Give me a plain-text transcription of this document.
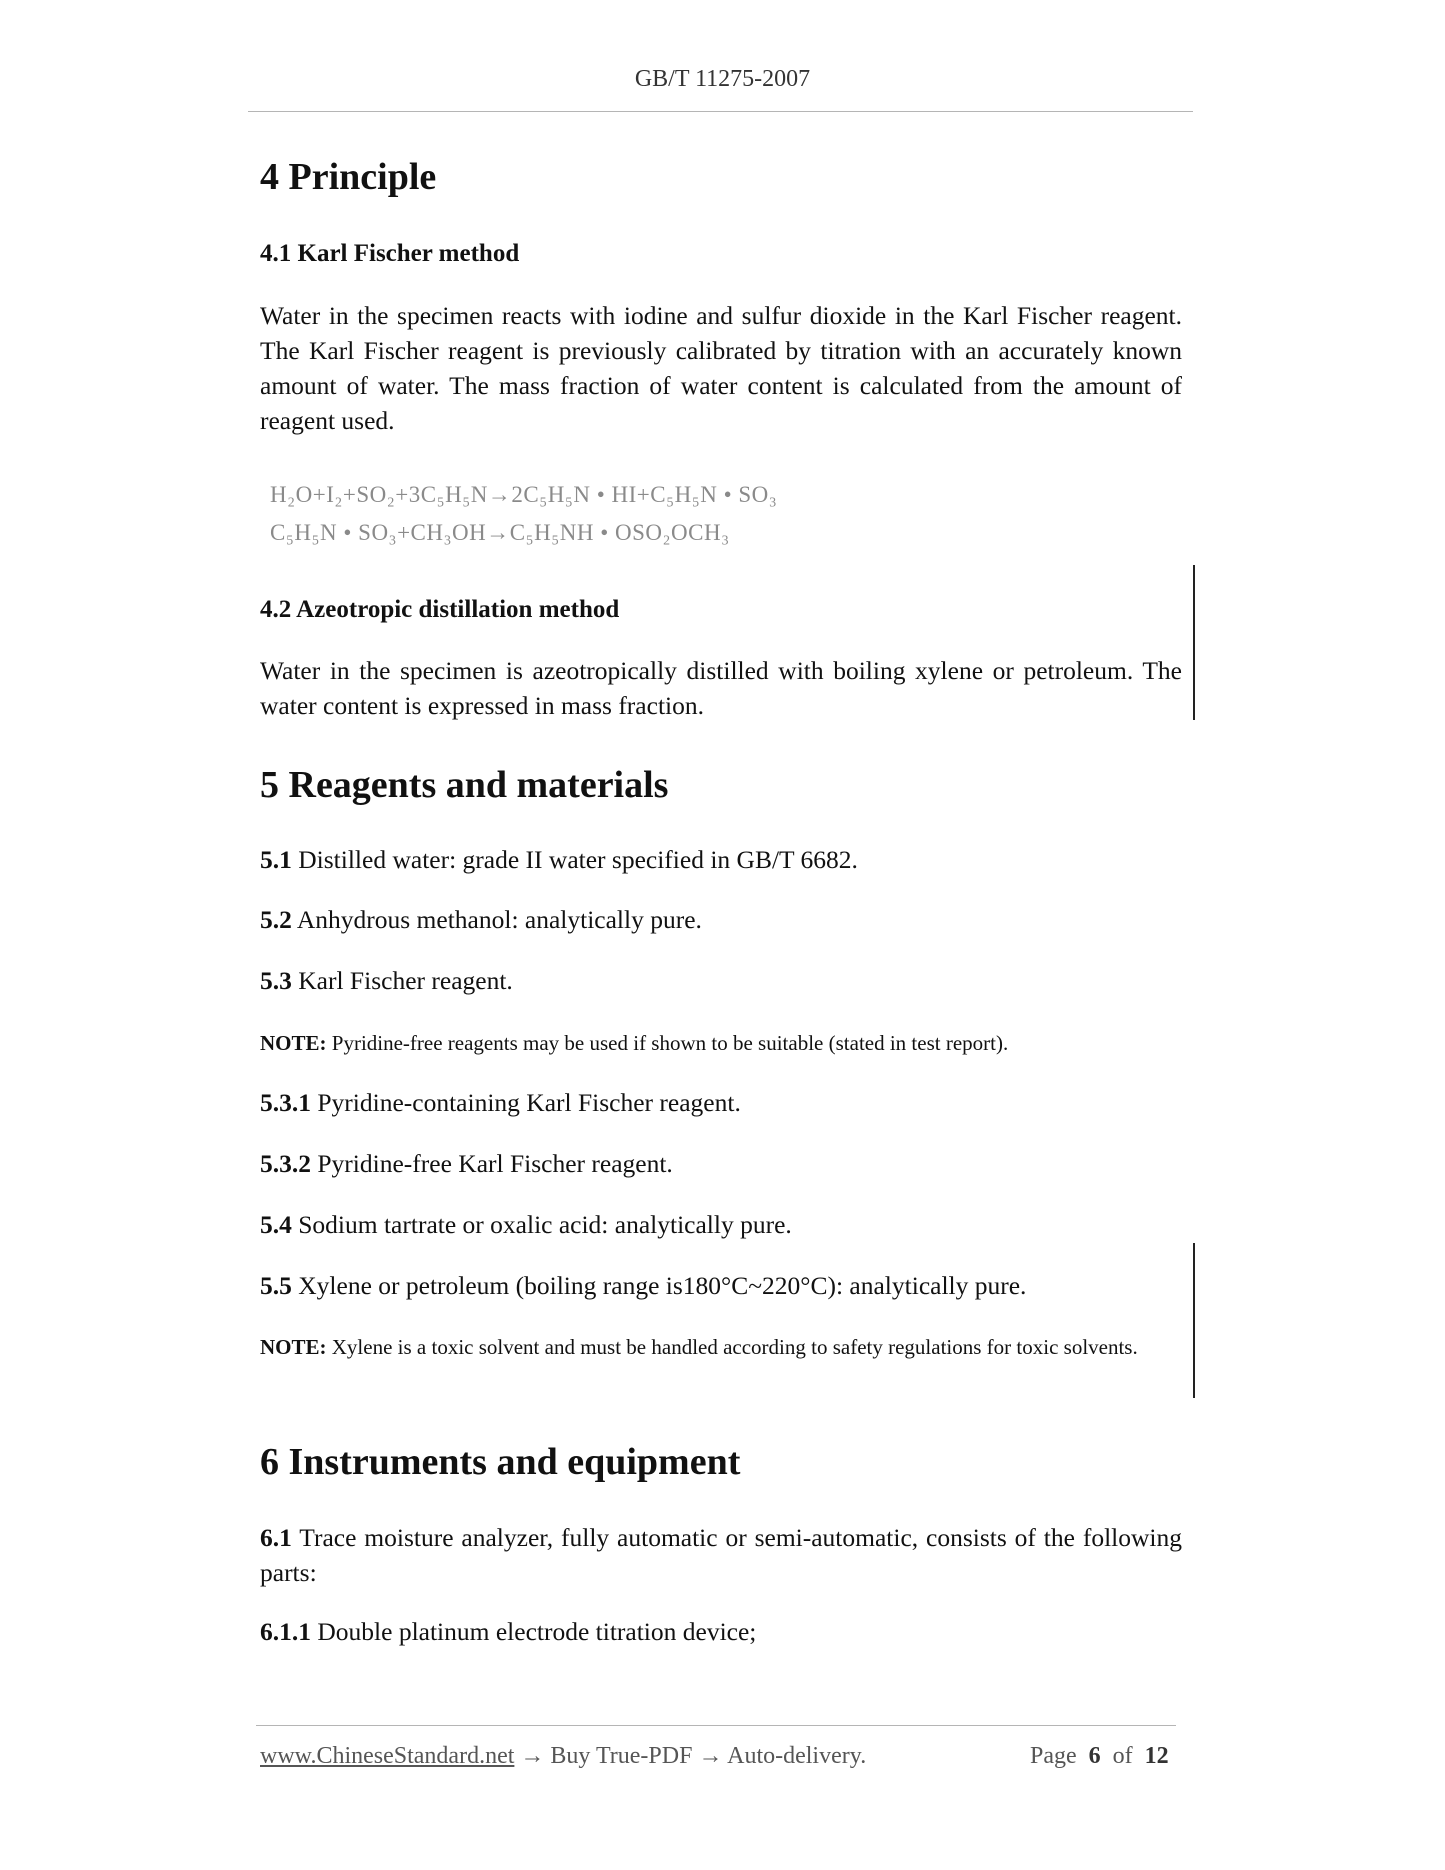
GB/T 11275-2007
4 Principle
4.1 Karl Fischer method
Water in the specimen reacts with iodine and sulfur dioxide in the Karl Fischer reagent. The Karl Fischer reagent is previously calibrated by titration with an accurately known amount of water. The mass fraction of water content is calculated from the amount of reagent used.
H₂O+I₂+SO₂+3C₅H₅N→2C₅H₅N • HI+C₅H₅N • SO₃
C₅H₅N • SO₃+CH₃OH→C₅H₅NH • OSO₂OCH₃
4.2 Azeotropic distillation method
Water in the specimen is azeotropically distilled with boiling xylene or petroleum. The water content is expressed in mass fraction.
5 Reagents and materials
5.1 Distilled water: grade II water specified in GB/T 6682.
5.2 Anhydrous methanol: analytically pure.
5.3 Karl Fischer reagent.
NOTE: Pyridine-free reagents may be used if shown to be suitable (stated in test report).
5.3.1 Pyridine-containing Karl Fischer reagent.
5.3.2 Pyridine-free Karl Fischer reagent.
5.4 Sodium tartrate or oxalic acid: analytically pure.
5.5 Xylene or petroleum (boiling range is180°C~220°C): analytically pure.
NOTE: Xylene is a toxic solvent and must be handled according to safety regulations for toxic solvents.
6 Instruments and equipment
6.1 Trace moisture analyzer, fully automatic or semi-automatic, consists of the following parts:
6.1.1 Double platinum electrode titration device;
www.ChineseStandard.net → Buy True-PDF → Auto-delivery.	Page 6 of 12
